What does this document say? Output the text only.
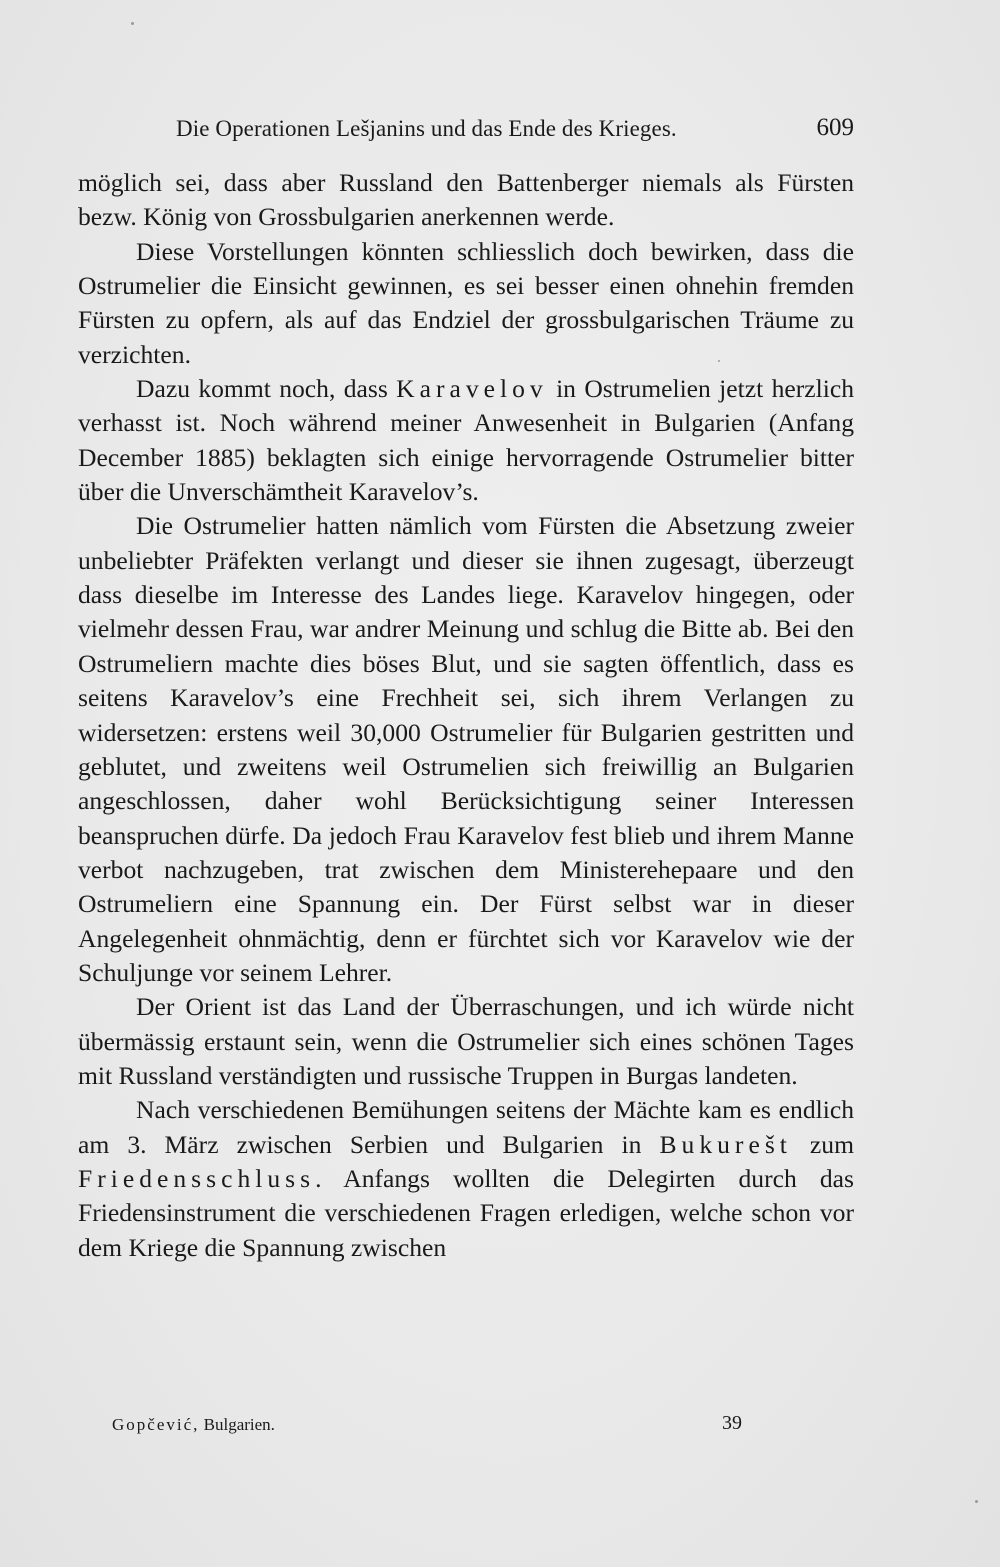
Die Operationen Lešjanins und das Ende des Krieges.	609

möglich sei, dass aber Russland den Battenberger niemals als Fürsten bezw. König von Grossbulgarien anerkennen werde.

Diese Vorstellungen könnten schliesslich doch bewirken, dass die Ostrumelier die Einsicht gewinnen, es sei besser einen ohnehin fremden Fürsten zu opfern, als auf das Endziel der grossbulgarischen Träume zu verzichten.

Dazu kommt noch, dass Karavelov in Ostrumelien jetzt herzlich verhasst ist. Noch während meiner Anwesenheit in Bulgarien (Anfang December 1885) beklagten sich einige hervorragende Ostrumelier bitter über die Unverschämtheit Karavelov’s.

Die Ostrumelier hatten nämlich vom Fürsten die Absetzung zweier unbeliebter Präfekten verlangt und dieser sie ihnen zugesagt, überzeugt dass dieselbe im Interesse des Landes liege. Karavelov hingegen, oder vielmehr dessen Frau, war andrer Meinung und schlug die Bitte ab. Bei den Ostrumeliern machte dies böses Blut, und sie sagten öffentlich, dass es seitens Karavelov’s eine Frechheit sei, sich ihrem Verlangen zu widersetzen: erstens weil 30,000 Ostrumelier für Bulgarien gestritten und geblutet, und zweitens weil Ostrumelien sich freiwillig an Bulgarien angeschlossen, daher wohl Berücksichtigung seiner Interessen beanspruchen dürfe. Da jedoch Frau Karavelov fest blieb und ihrem Manne verbot nachzugeben, trat zwischen dem Ministerehepaare und den Ostrumeliern eine Spannung ein. Der Fürst selbst war in dieser Angelegenheit ohnmächtig, denn er fürchtet sich vor Karavelov wie der Schuljunge vor seinem Lehrer.

Der Orient ist das Land der Überraschungen, und ich würde nicht übermässig erstaunt sein, wenn die Ostrumelier sich eines schönen Tages mit Russland verständigten und russische Truppen in Burgas landeten.

Nach verschiedenen Bemühungen seitens der Mächte kam es endlich am 3. März zwischen Serbien und Bulgarien in Bukurešt zum Friedensschluss. Anfangs wollten die Delegirten durch das Friedensinstrument die verschiedenen Fragen erledigen, welche schon vor dem Kriege die Spannung zwischen

Gopčević, Bulgarien.	39
